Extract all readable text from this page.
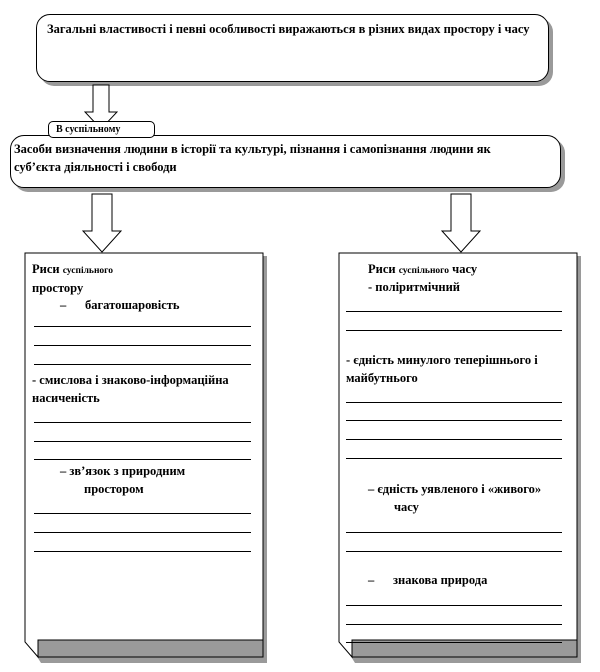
Загальні властивості і певні особливості виражаються в різних видах простору і часу
В суспільному
Засоби визначення людини в історії та культурі, пізнання і самопізнання людини як суб’єкта діяльності і свободи
Риси суспільного
простору
–      багатошаровість
- смислова і знаково-інформаційна насиченість
– зв’язок з природним простором
Риси суспільного часу
- поліритмічний
- єдність минулого теперішнього і майбутнього
– єдність уявленого і «живого» часу
–      знакова природа
